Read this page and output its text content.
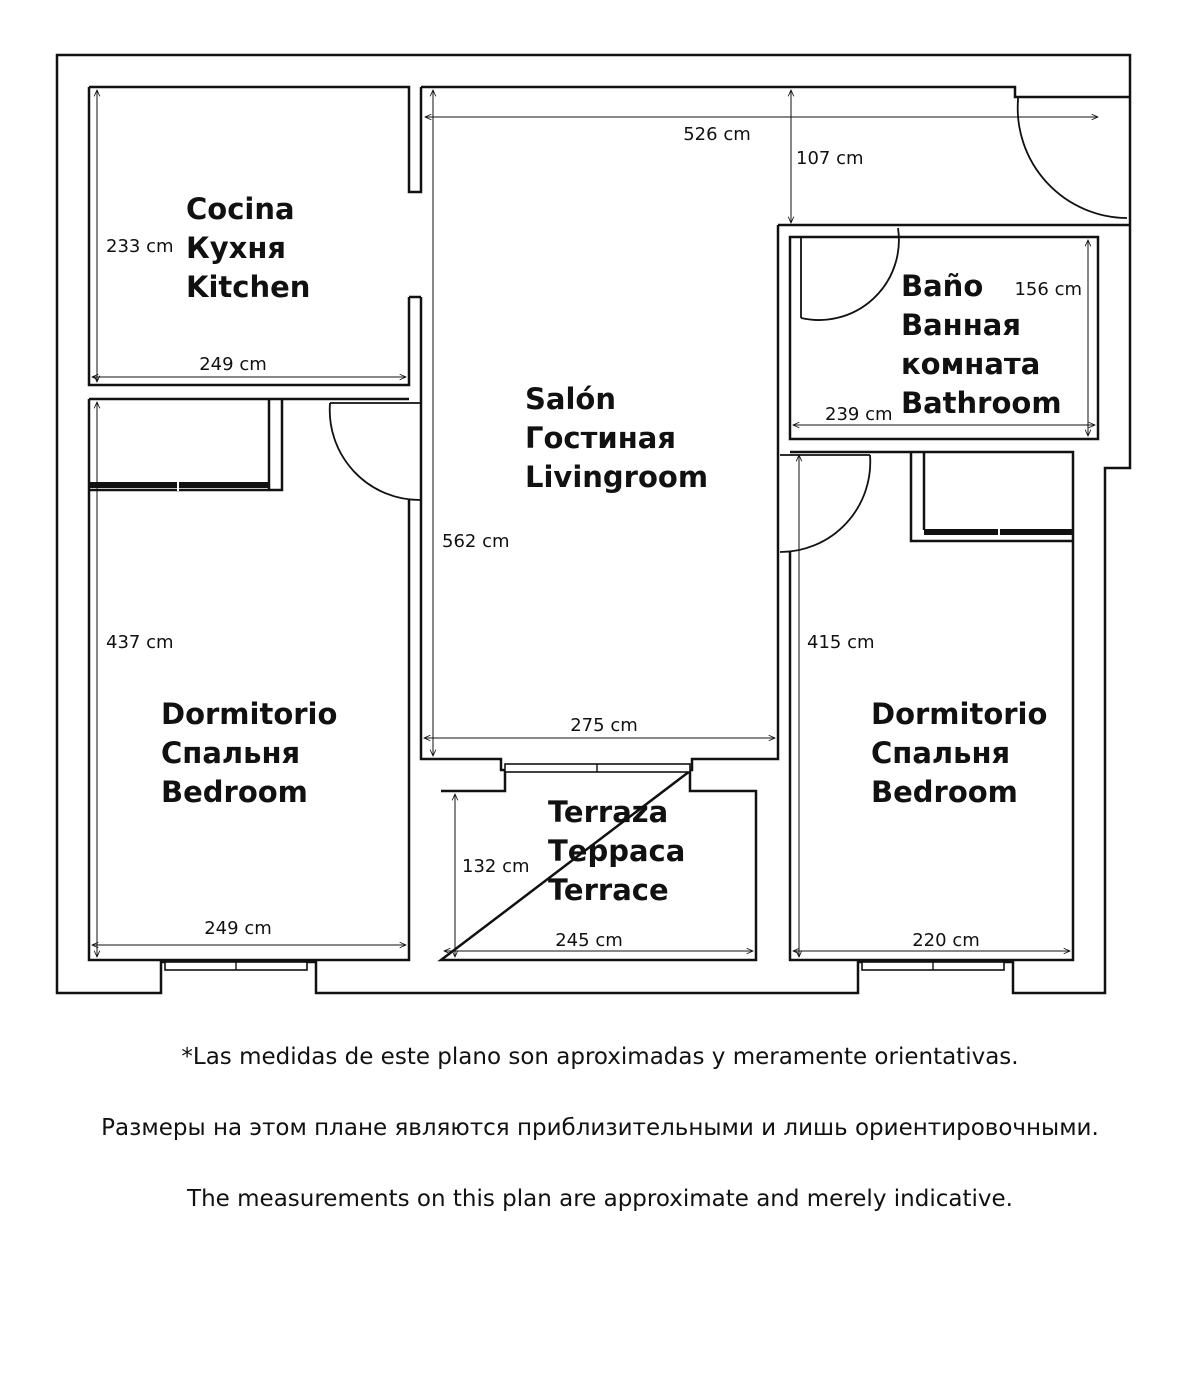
526 cm
107 cm
233 cm
249 cm
156 cm
239 cm
562 cm
437 cm	415 cm
275 cm
132 cm
249 cm
245 cm	220 cm
Cocina
Кухня
Kitchen
Salón
Гостиная
Livingroom
Baño
Ванная
комната
Bathroom
Dormitorio
Спальня
Bedroom
Dormitorio
Спальня
Bedroom
Terraza
Терраса
Terrace

*Las medidas de este plano son aproximadas y meramente orientativas.

Размеры на этом плане являются приблизительными и лишь ориентировочными.

The measurements on this plan are approximate and merely indicative.
